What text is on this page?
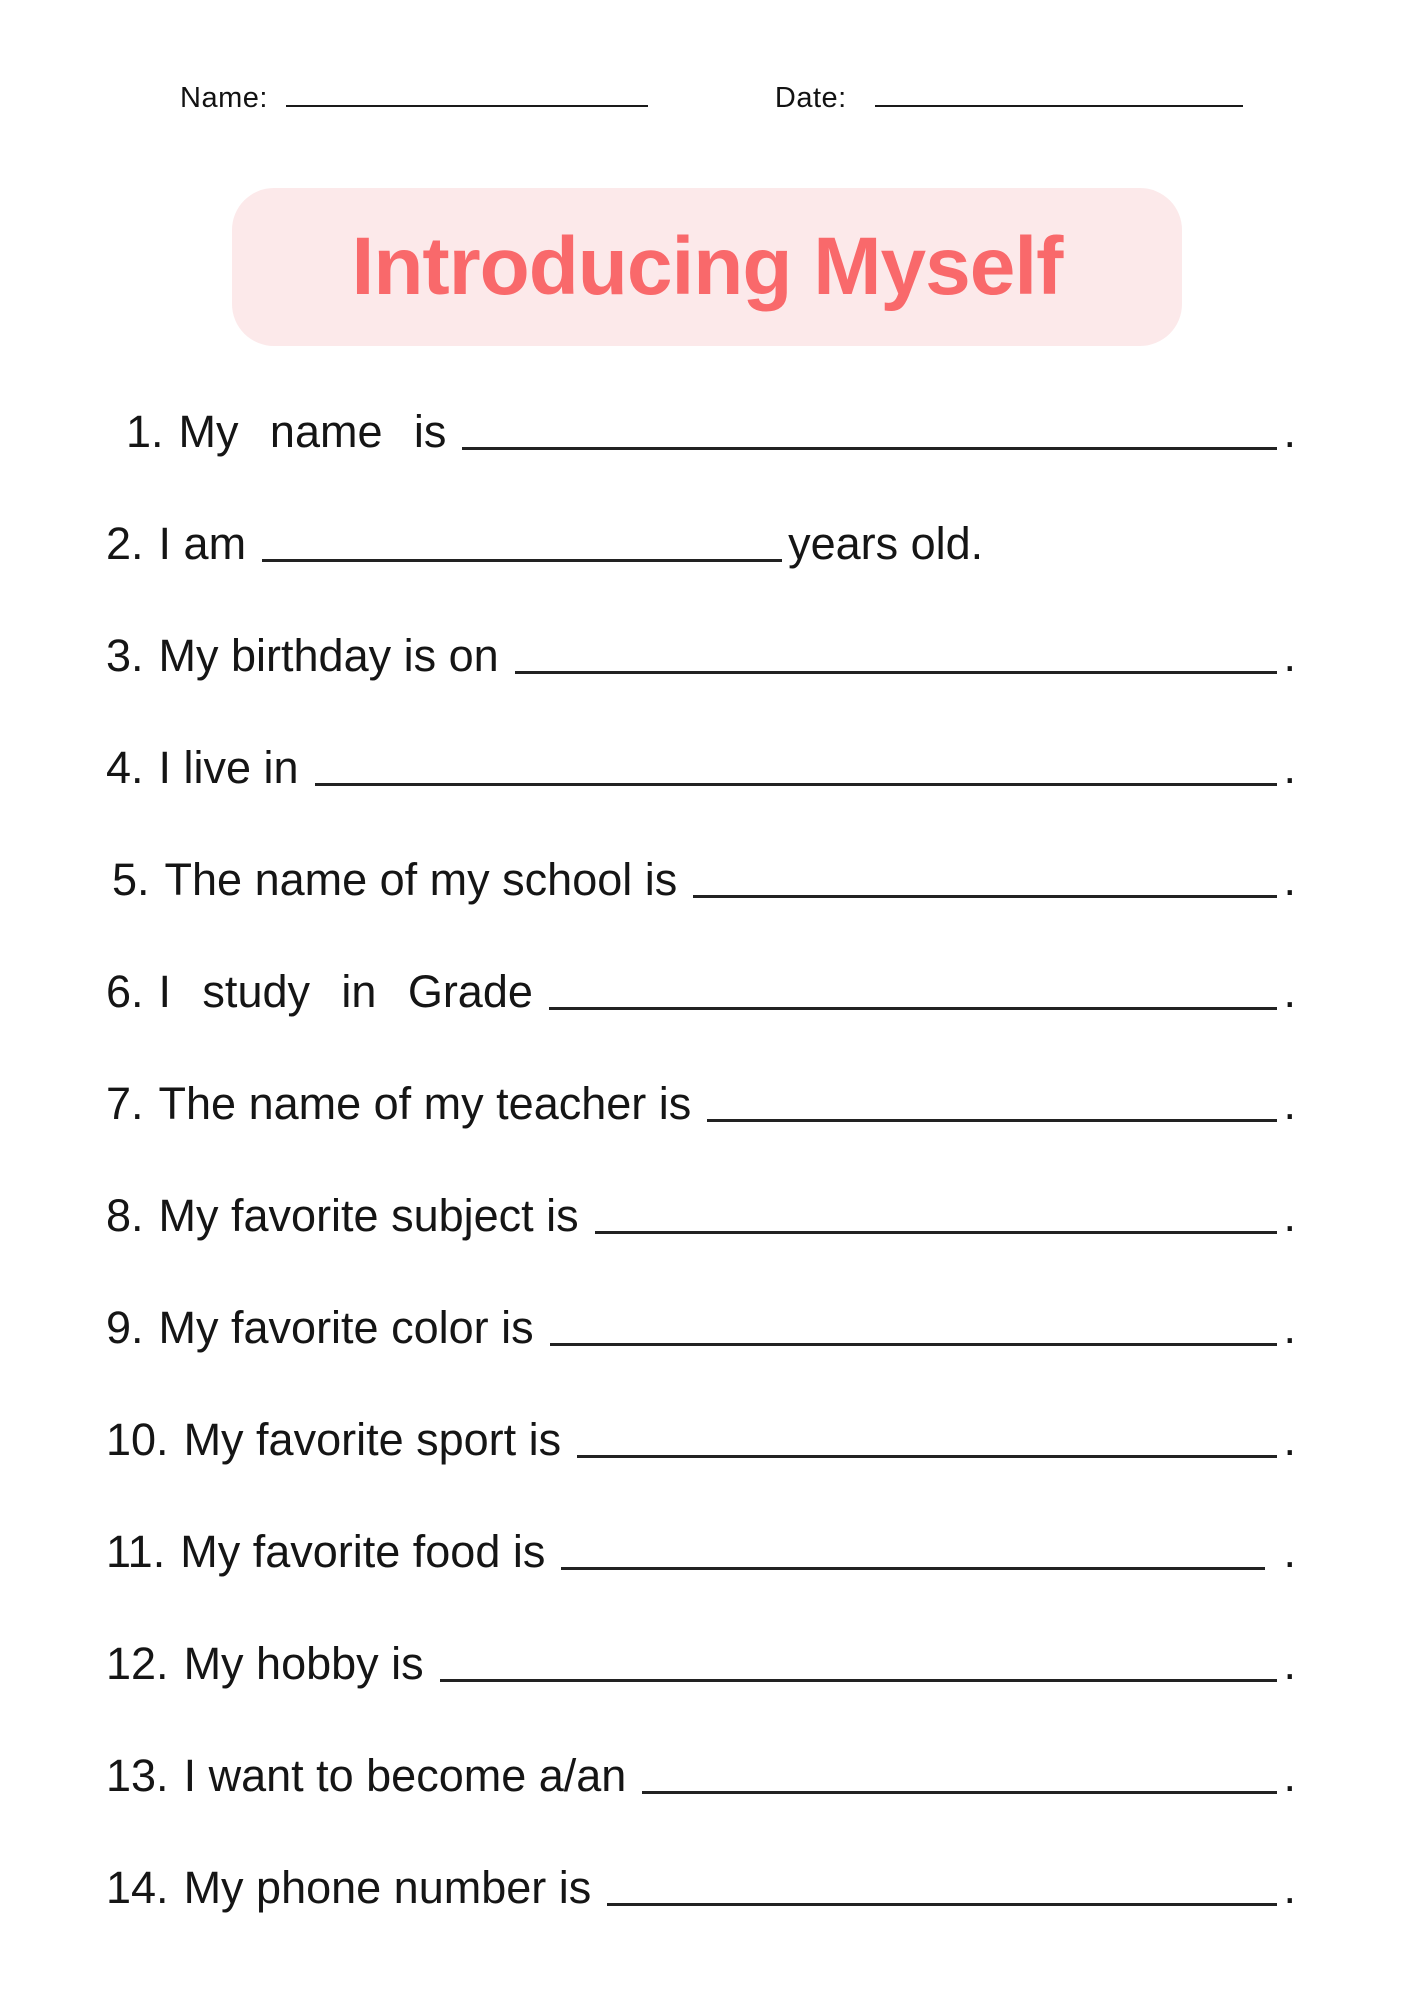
Name:	Date:
Introducing Myself
1. My name is	.
2. I am	years old.
3. My birthday is on	.
4. I live in	.
5. The name of my school is	.
6. I study in Grade	.
7. The name of my teacher is	.
8. My favorite subject is	.
9. My favorite color is	.
10. My favorite sport is	.
11. My favorite food is	.
12. My hobby is	.
13. I want to become a/an	.
14. My phone number is	.
